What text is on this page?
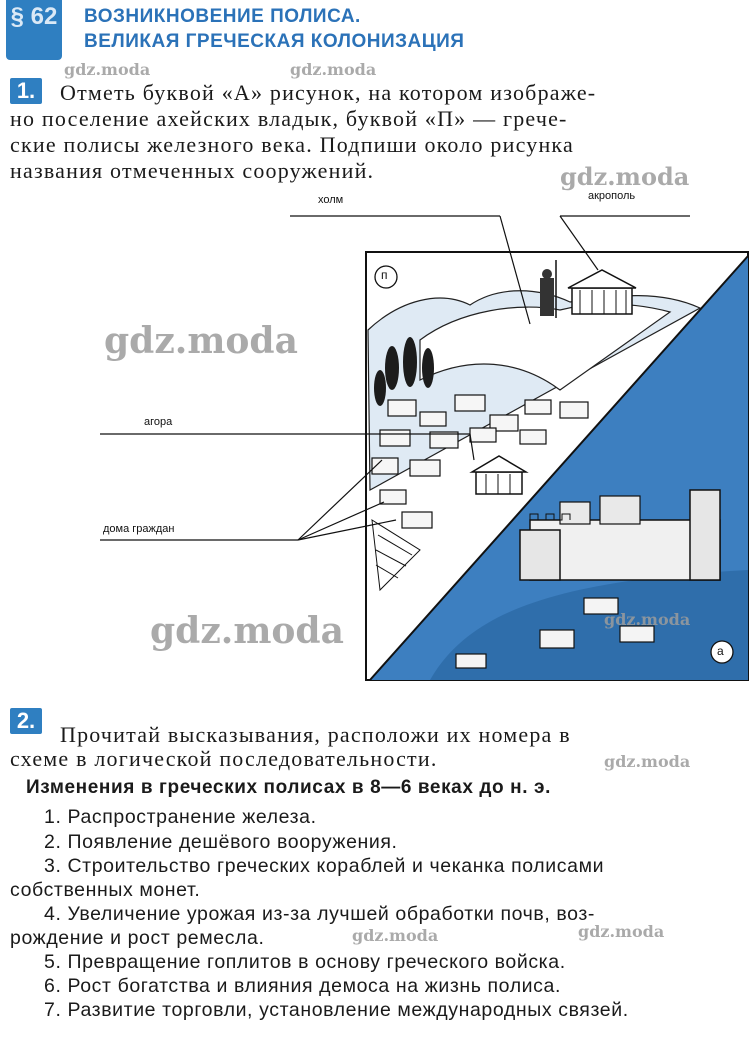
§ 62 ВОЗНИКНОВЕНИЕ ПОЛИСА.
ВЕЛИКАЯ ГРЕЧЕСКАЯ КОЛОНИЗАЦИЯ
1.	Отметь буквой «А» рисунок, на котором изображе-
но поселение ахейских владык, буквой «П» — грече-
ские полисы железного века. Подпиши около рисунка
названия отмеченных сооружений.
холм	акрополь
агора
дома граждан
п
а
gdz.moda	gdz.moda
gdz.moda
gdz.moda
gdz.moda	gdz.moda
gdz.moda
gdz.moda	gdz.moda
2.
Прочитай высказывания, расположи их номера в
схеме в логической последовательности.
Изменения в греческих полисах в 8—6 веках до н. э.
1. Распространение железа.
2. Появление дешёвого вооружения.
3. Строительство греческих кораблей и чеканка полисами
собственных монет.
4. Увеличение урожая из-за лучшей обработки почв, воз-
рождение и рост ремесла.
5. Превращение гоплитов в основу греческого войска.
6. Рост богатства и влияния демоса на жизнь полиса.
7. Развитие торговли, установление международных связей.
